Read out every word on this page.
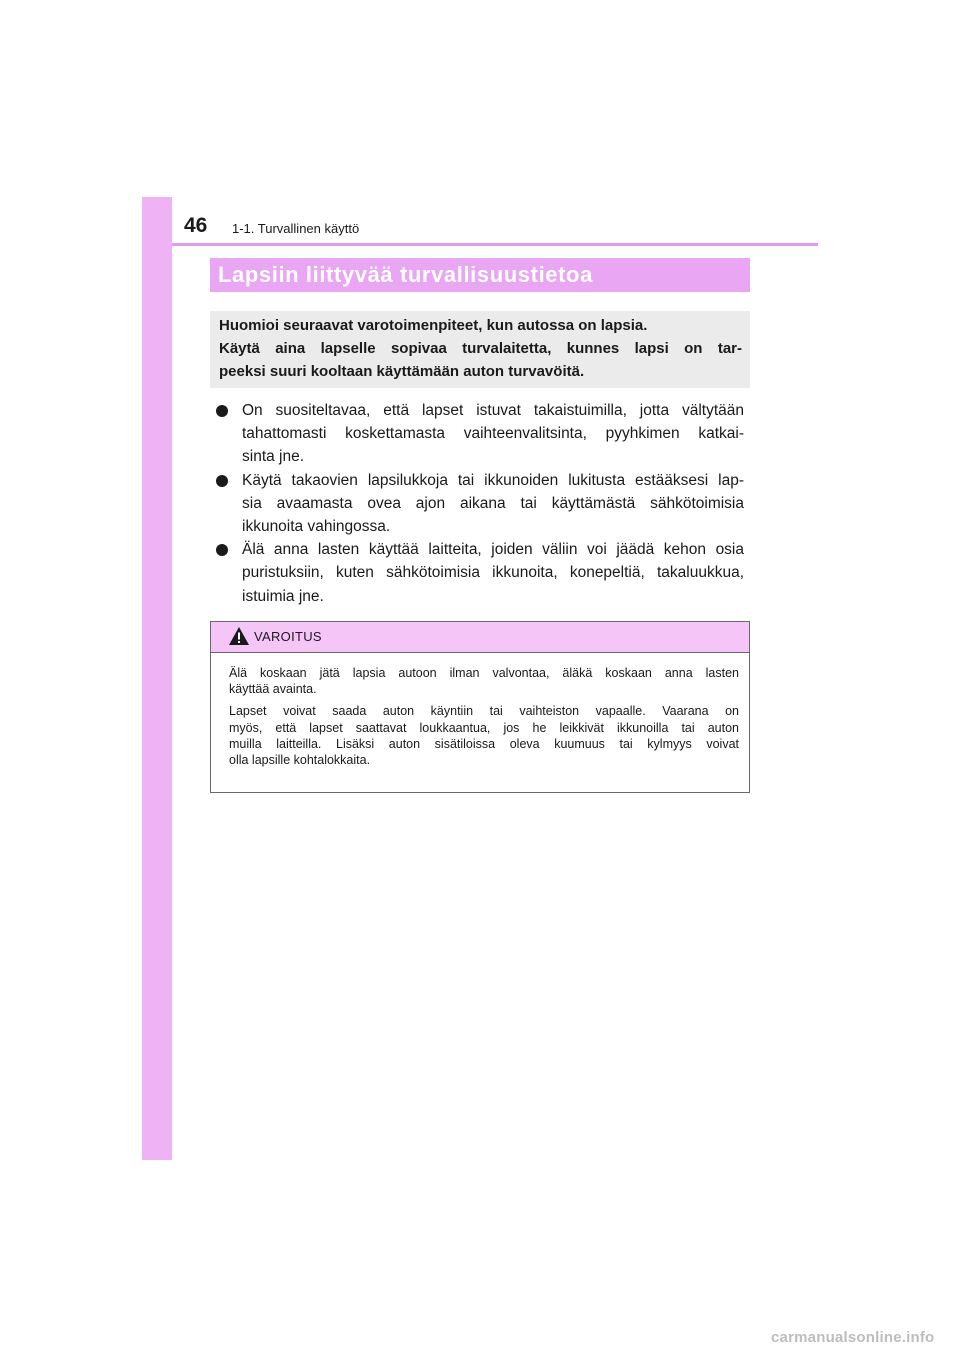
46 1-1. Turvallinen käyttö
Lapsiin liittyvää turvallisuustietoa
Huomioi seuraavat varotoimenpiteet, kun autossa on lapsia.
Käytä aina lapselle sopivaa turvalaitetta, kunnes lapsi on tar-
peeksi suuri kooltaan käyttämään auton turvavöitä.
On suositeltavaa, että lapset istuvat takaistuimilla, jotta vältytään
tahattomasti koskettamasta vaihteenvalitsinta, pyyhkimen katkai-
sinta jne.
Käytä takaovien lapsilukkoja tai ikkunoiden lukitusta estääksesi lap-
sia avaamasta ovea ajon aikana tai käyttämästä sähkötoimisia
ikkunoita vahingossa.
Älä anna lasten käyttää laitteita, joiden väliin voi jäädä kehon osia
puristuksiin, kuten sähkötoimisia ikkunoita, konepeltiä, takaluukkua,
istuimia jne.
VAROITUS
Älä koskaan jätä lapsia autoon ilman valvontaa, äläkä koskaan anna lasten
käyttää avainta.
Lapset voivat saada auton käyntiin tai vaihteiston vapaalle. Vaarana on
myös, että lapset saattavat loukkaantua, jos he leikkivät ikkunoilla tai auton
muilla laitteilla. Lisäksi auton sisätiloissa oleva kuumuus tai kylmyys voivat
olla lapsille kohtalokkaita.
carmanualsonline.info
